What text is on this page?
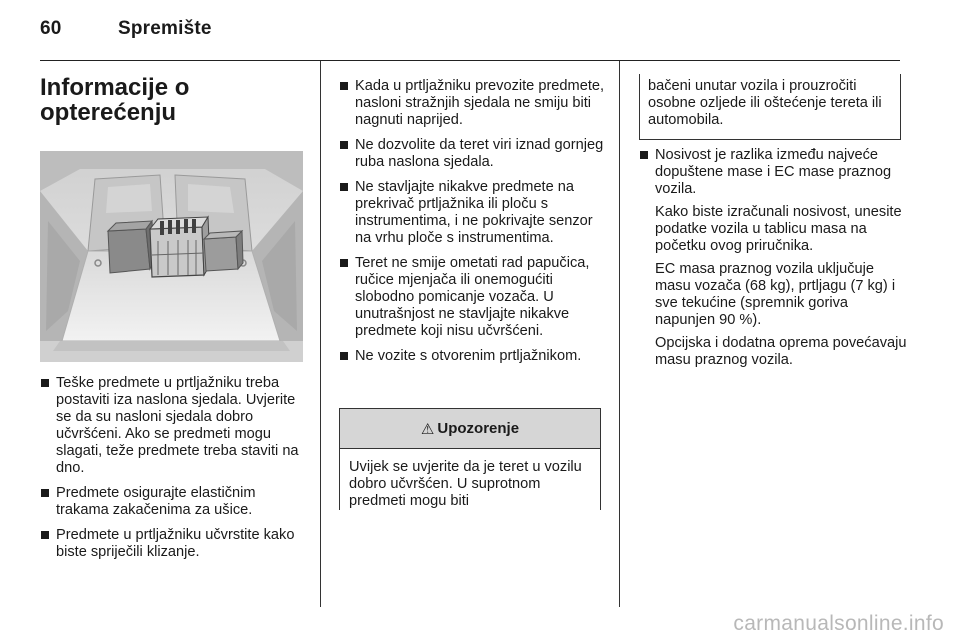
60	Spremište
Informacije o
opterećenju
Teške predmete u prtljažniku treba postaviti iza naslona sjedala. Uvjerite se da su nasloni sjedala dobro učvršćeni. Ako se predmeti mogu slagati, teže predmete treba staviti na dno.
Predmete osigurajte elastičnim trakama zakačenima za ušice.
Predmete u prtljažniku učvrstite kako biste spriječili klizanje.
Kada u prtljažniku prevozite predmete, nasloni stražnjih sjedala ne smiju biti nagnuti naprijed.
Ne dozvolite da teret viri iznad gornjeg ruba naslona sjedala.
Ne stavljajte nikakve predmete na prekrivač prtljažnika ili ploču s instrumentima, i ne pokrivajte senzor na vrhu ploče s instrumentima.
Teret ne smije ometati rad papučica, ručice mjenjača ili onemogućiti slobodno pomicanje vozača. U unutrašnjost ne stavljajte nikakve predmete koji nisu učvršćeni.
Ne vozite s otvorenim prtljažnikom.
⚠ Upozorenje
Uvijek se uvjerite da je teret u vozilu dobro učvršćen. U suprotnom predmeti mogu biti
bačeni unutar vozila i prouzročiti osobne ozljede ili oštećenje tereta ili automobila.
Nosivost je razlika između najveće dopuštene mase i EC mase praznog vozila.
Kako biste izračunali nosivost, unesite podatke vozila u tablicu masa na početku ovog priručnika.
EC masa praznog vozila uključuje masu vozača (68 kg), prtljagu (7 kg) i sve tekućine (spremnik goriva napunjen 90 %).
Opcijska i dodatna oprema povećavaju masu praznog vozila.
carmanualsonline.info
